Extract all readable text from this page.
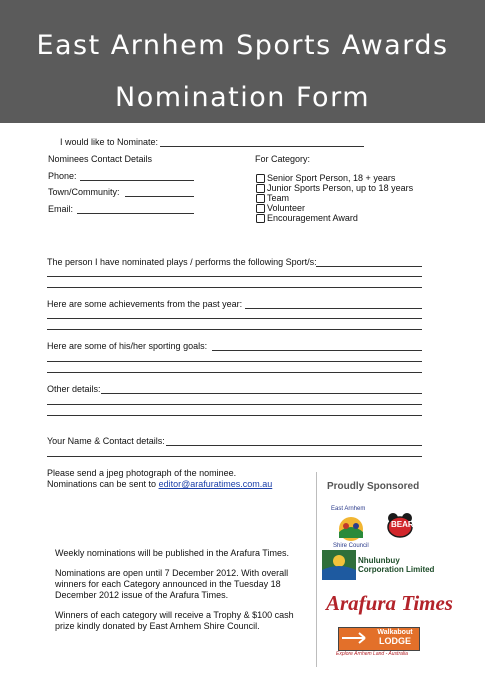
East Arnhem Sports Awards
Nomination Form
I would like to Nominate:
Nominees Contact Details
Phone:
Town/Community:
Email:
For Category:
Senior Sport Person, 18 + years
Junior Sports Person, up to 18 years
Team
Volunteer
Encouragement Award
The person I have nominated plays / performs the following Sport/s:
Here are some achievements from the past year:
Here are some of his/her sporting goals:
Other details:
Your Name & Contact details:
Please send a jpeg photograph of the nominee.
Nominations can be sent to editor@arafuratimes.com.au
Weekly nominations will be published in the Arafura Times.
Nominations are open until 7 December 2012. With overall
winners for each Category announced in the Tuesday 18
December 2012 issue of the Arafura Times.
Winners of each category will receive a Trophy & $100 cash
prize kindly donated by East Arnhem Shire Council.
Proudly Sponsored
East Arnhem
Shire Council
BEAR
Nhulunbuy
Corporation Limited
Arafura Times
Walkabout
LODGE
Explore Arnhem Land - Australia
